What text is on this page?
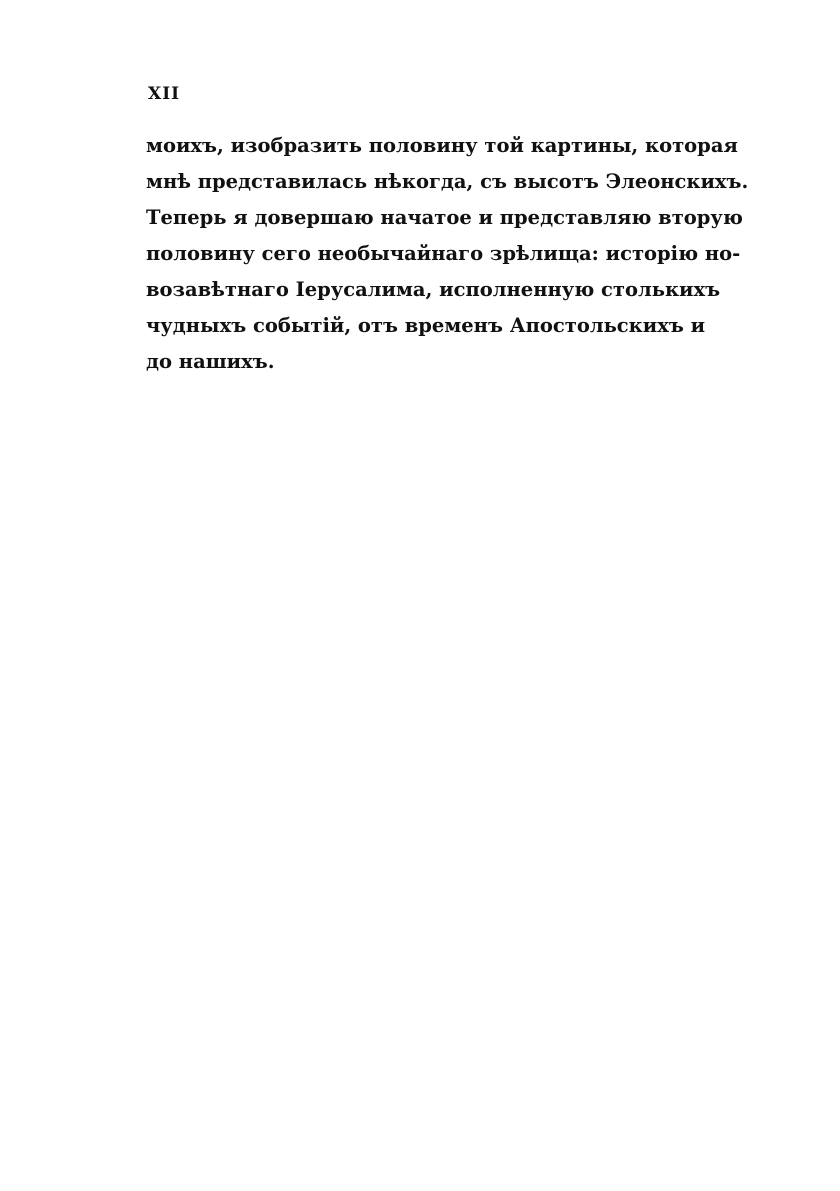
XII
моихъ, изобразить половину той картины, которая
мнѣ представилась нѣкогда, съ высотъ Элеонскихъ.
Теперь я довершаю начатое и представляю вторую
половину сего необычайнаго зрѣлища: исторію но-
возавѣтнаго Іерусалима, исполненную столькихъ
чудныхъ событій, отъ временъ Апостольскихъ и
до нашихъ.
